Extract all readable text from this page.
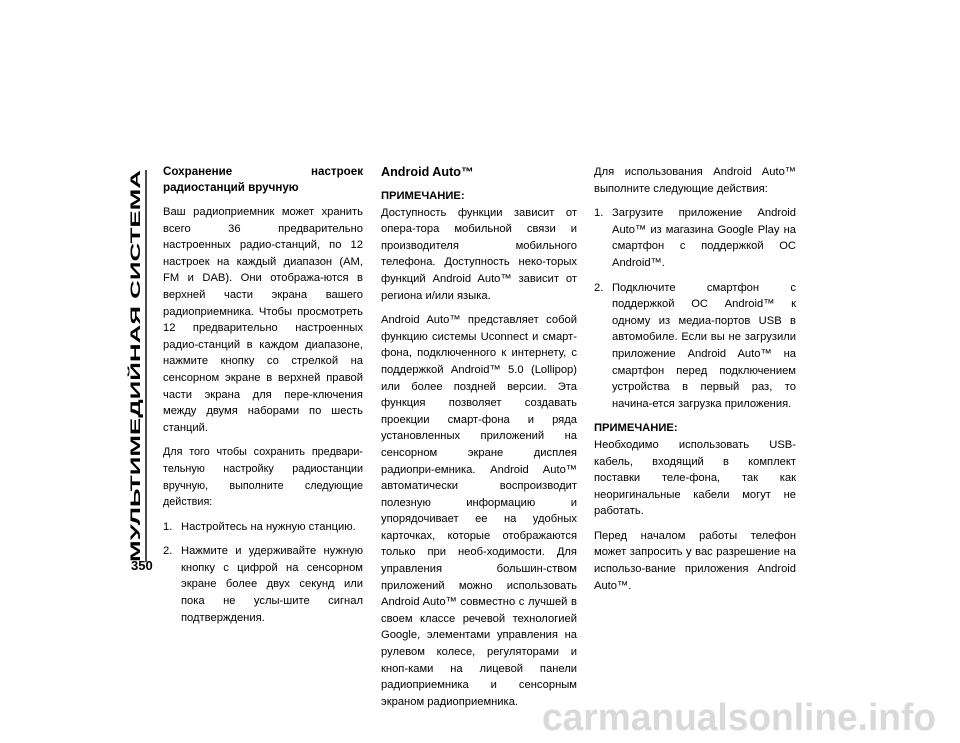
МУЛЬТИМЕДИЙНАЯ СИСТЕМА

Сохранение настроек радиостанций вручную

Ваш радиоприемник может хранить всего 36 предварительно настроенных радио-станций, по 12 настроек на каждый диапазон (AM, FM и DAB). Они отобража-ются в верхней части экрана вашего радиоприемника. Чтобы просмотреть 12 предварительно настроенных радио-станций в каждом диапазоне, нажмите кнопку со стрелкой на сенсорном экране в верхней правой части экрана для пере-ключения между двумя наборами по шесть станций.

Для того чтобы сохранить предвари-тельную настройку радиостанции вручную, выполните следующие действия:

1. Настройтесь на нужную станцию.
2. Нажмите и удерживайте нужную кнопку с цифрой на сенсорном экране более двух секунд или пока не услы-шите сигнал подтверждения.
Android Auto™

ПРИМЕЧАНИЕ:
Доступность функции зависит от опера-тора мобильной связи и производителя мобильного телефона. Доступность неко-торых функций Android Auto™ зависит от региона и/или языка.

Android Auto™ представляет собой функцию системы Uconnect и смарт-фона, подключенного к интернету, с поддержкой Android™ 5.0 (Lollipop) или более поздней версии. Эта функция позволяет создавать проекции смарт-фона и ряда установленных приложений на сенсорном экране дисплея радиопри-емника. Android Auto™ автоматически воспроизводит полезную информацию и упорядочивает ее на удобных карточках, которые отображаются только при необ-ходимости. Для управления большин-ством приложений можно использовать Android Auto™ совместно с лучшей в своем классе речевой технологией Google, элементами управления на рулевом колесе, регуляторами и кноп-ками на лицевой панели радиоприемника и сенсорным экраном радиоприемника.

Для использования Android Auto™ выполните следующие действия:

1. Загрузите приложение Android Auto™ из магазина Google Play на смартфон с поддержкой ОС Android™.
2. Подключите смартфон с поддержкой ОС Android™ к одному из медиа-портов USB в автомобиле. Если вы не загрузили приложение Android Auto™ на смартфон перед подключением устройства в первый раз, то начина-ется загрузка приложения.

ПРИМЕЧАНИЕ:
Необходимо использовать USB-кабель, входящий в комплект поставки теле-фона, так как неоригинальные кабели могут не работать.

Перед началом работы телефон может запросить у вас разрешение на использо-вание приложения Android Auto™.

350
carmanualsonline.info
